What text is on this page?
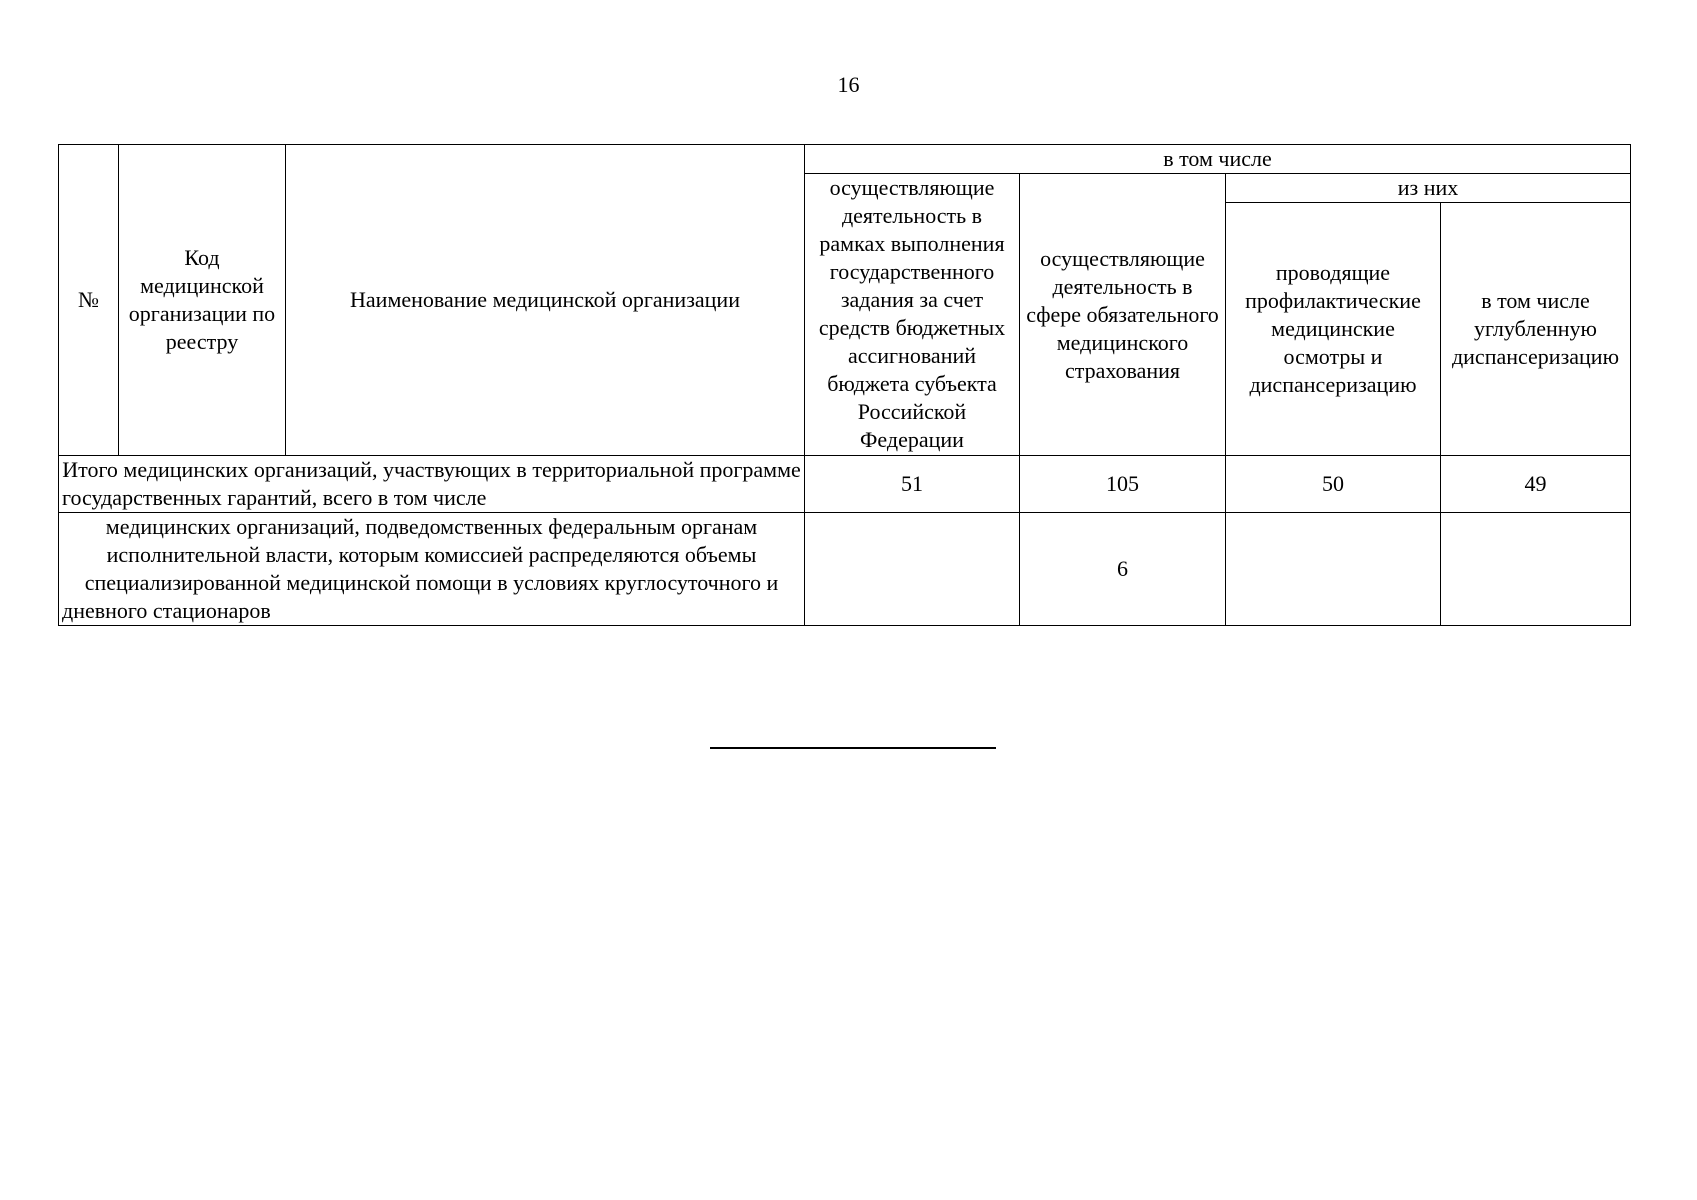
16
№	Код медицинской организации по реестру	Наименование медицинской организации	в том числе			
			осуществляющие деятельность в рамках выполнения государственного задания за счет средств бюджетных ассигнований бюджета субъекта Российской Федерации	осуществляющие деятельность в сфере обязательного медицинского страхования	из них	
					проводящие профилактические медицинские осмотры и диспансеризацию	в том числе углубленную диспансеризацию
Итого медицинских организаций, участвующих в территориальной программе государственных гарантий, всего в том числе			51	105	50	49
медицинских организаций, подведомственных федеральным органам исполнительной власти, которым комиссией распределяются объемы специализированной медицинской помощи в условиях круглосуточного и дневного стационаров				6		
